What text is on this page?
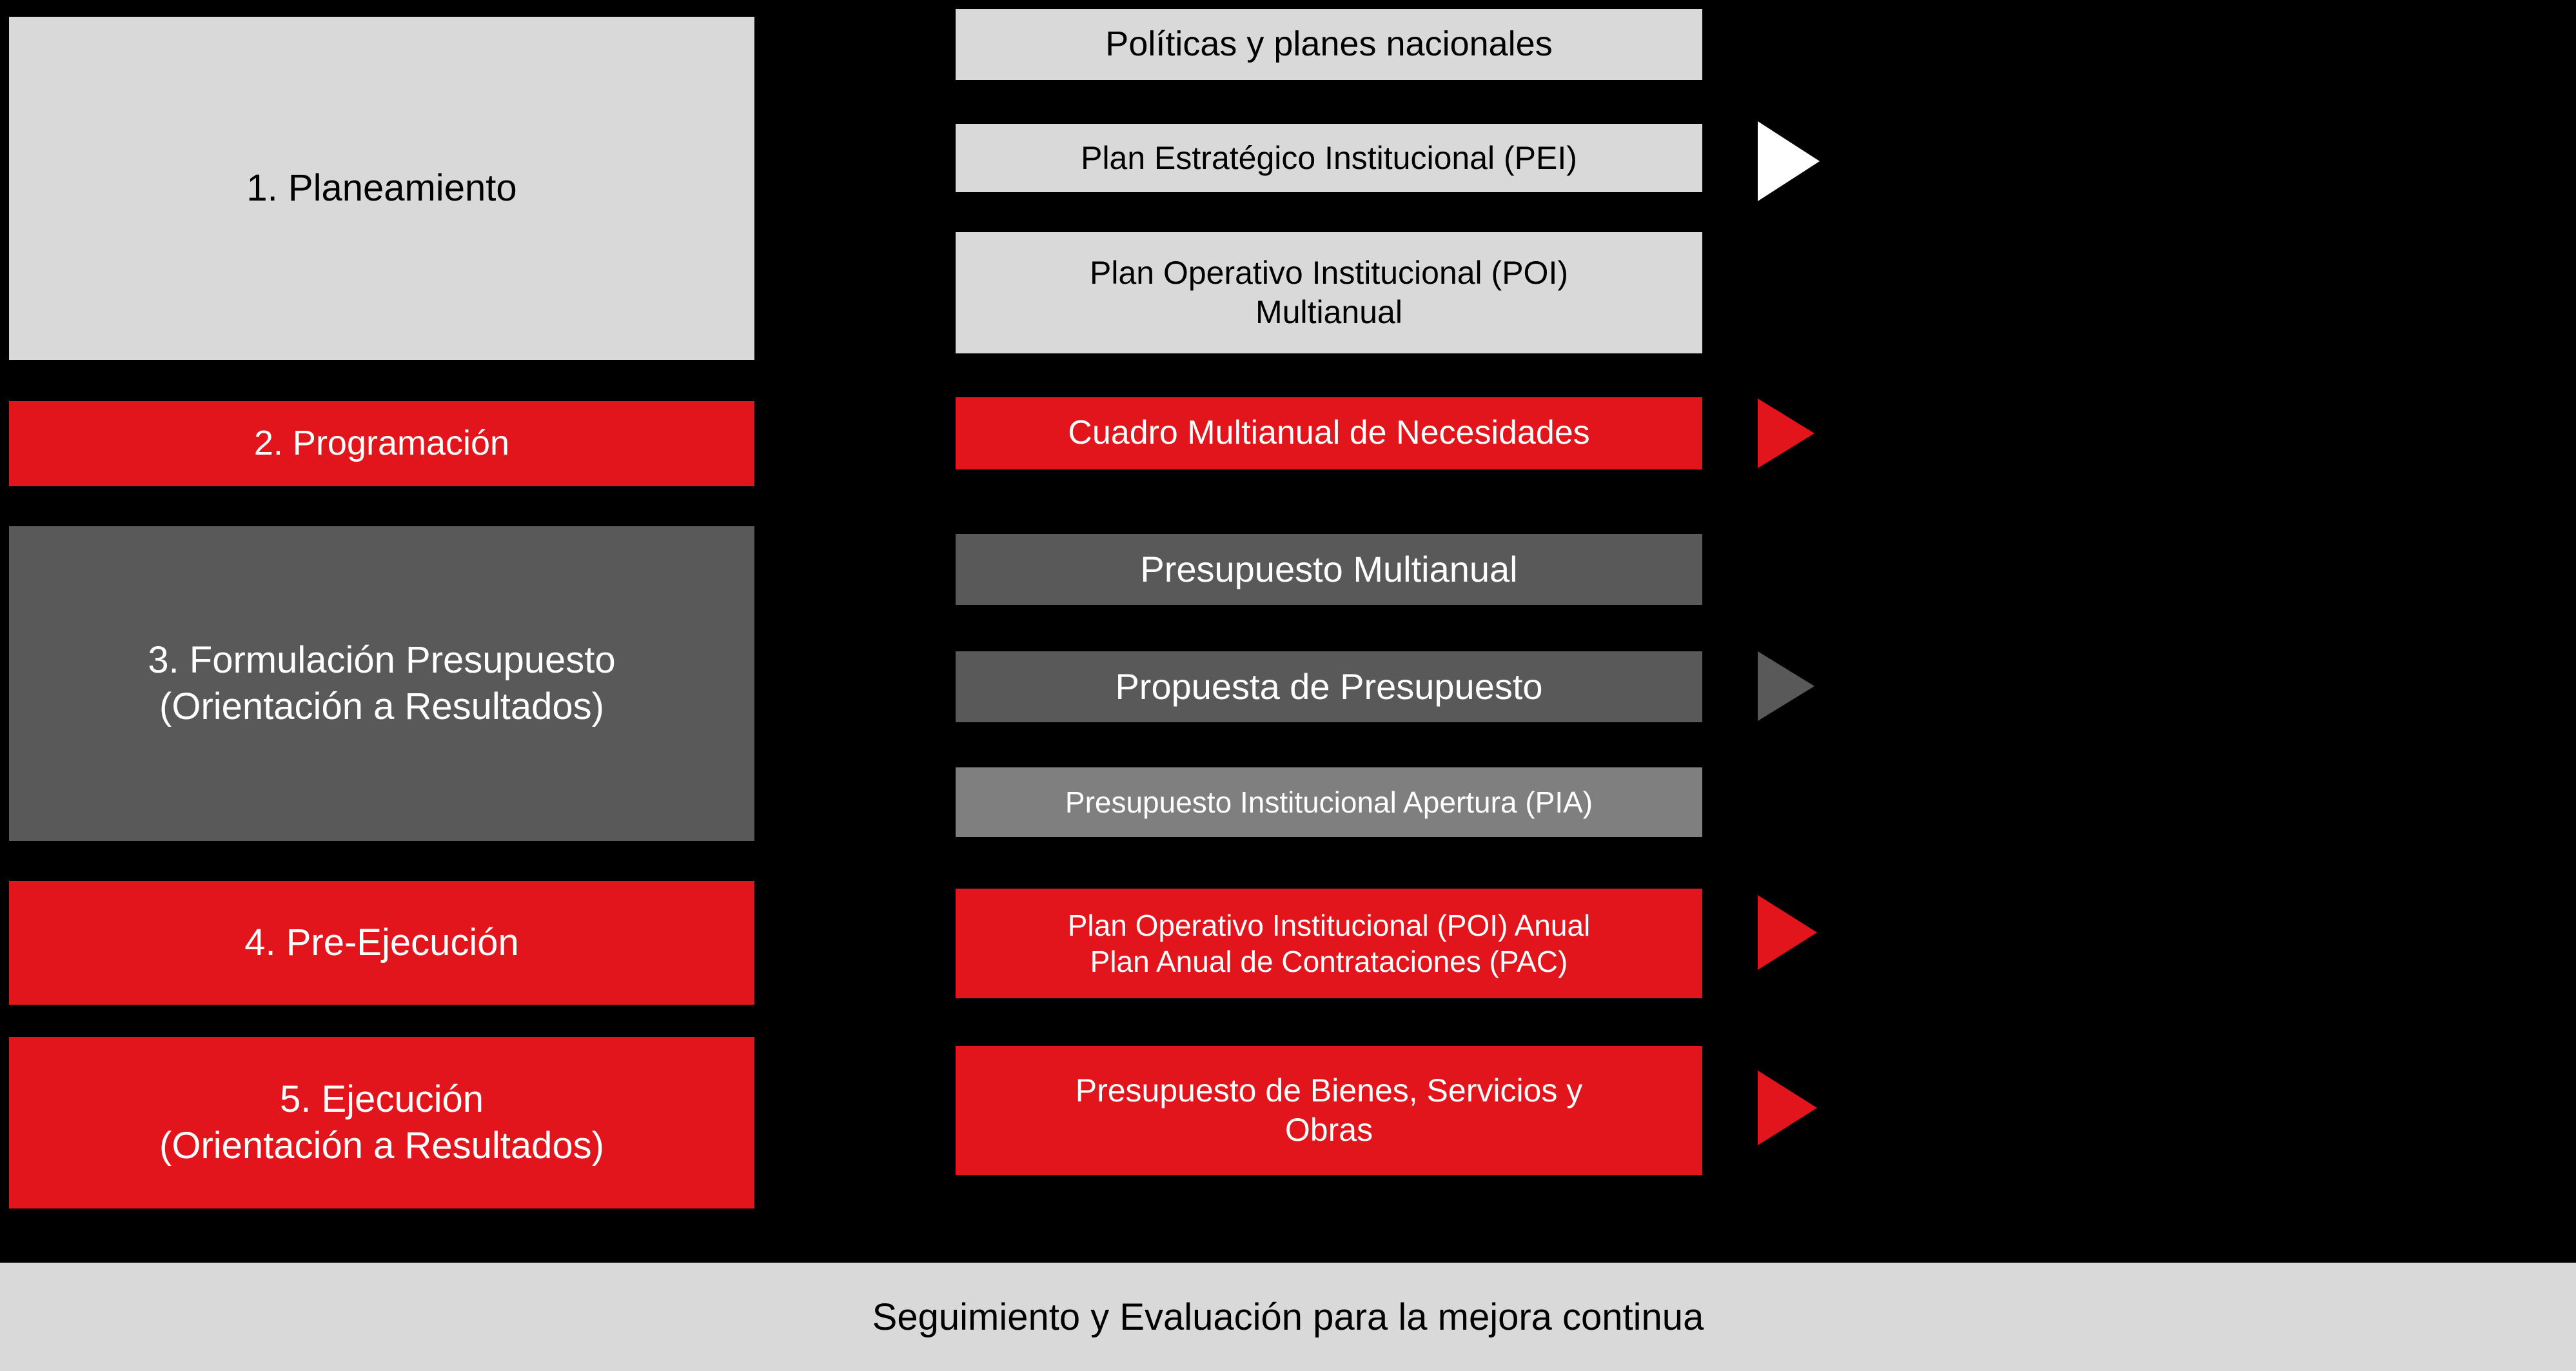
1. Planeamiento
2. Programación
3. Formulación Presupuesto
(Orientación a Resultados)
4. Pre-Ejecución
5. Ejecución
(Orientación a Resultados)
Políticas y planes nacionales
Plan Estratégico Institucional (PEI)
Plan Operativo Institucional (POI)
Multianual
Cuadro Multianual de Necesidades
Presupuesto Multianual
Propuesta de Presupuesto
Presupuesto Institucional Apertura (PIA)
Plan Operativo Institucional (POI) Anual
Plan Anual de Contrataciones (PAC)
Presupuesto de Bienes, Servicios y
Obras
Seguimiento y Evaluación para la mejora continua
